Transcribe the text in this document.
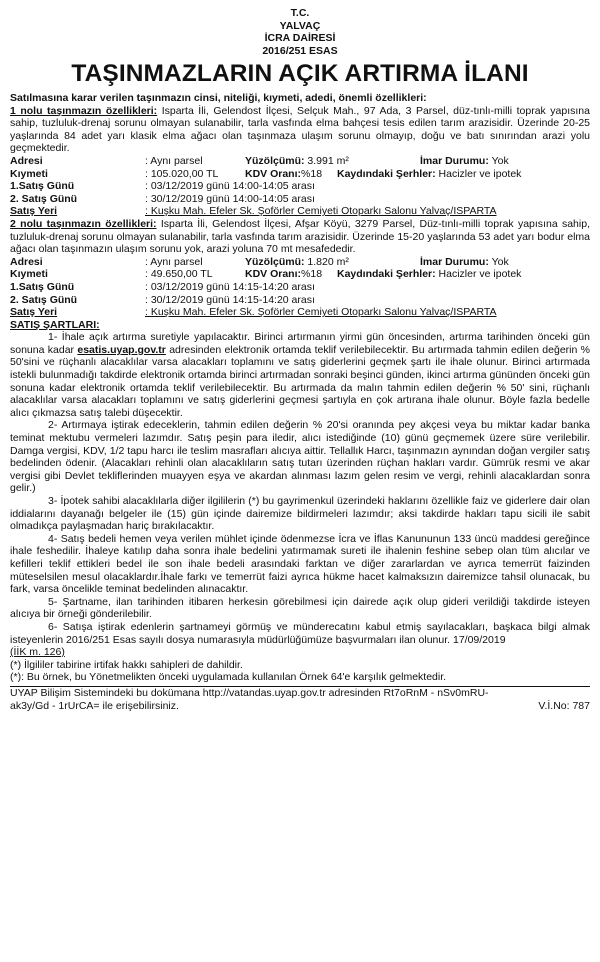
T.C.
YALVAÇ
İCRA DAİRESİ
2016/251 ESAS
TAŞINMAZLARIN AÇIK ARTIRMA İLANI
Satılmasına karar verilen taşınmazın cinsi, niteliği, kıymeti, adedi, önemli özellikleri:
1 nolu taşınmazın özellikleri: Isparta İli, Gelendost İlçesi, Selçuk Mah., 97 Ada, 3 Parsel, düz-tınlı-milli toprak yapısına sahip, tuzluluk-drenaj sorunu olmayan sulanabilir, tarla vasfında elma bahçesi tesis edilen tarım arazisidir. Üzerinde 20-25 yaşlarında 84 adet yarı klasik elma ağacı olan taşınmaza ulaşım sorunu olmayıp, doğu ve batı sınırından arazi yolu geçmektedir.
Adresi	: Aynı parsel	Yüzölçümü: 3.991 m²	İmar Durumu: Yok
Kıymeti	: 105.020,00 TL	KDV Oranı:%18	Kaydındaki Şerhler: Hacizler ve ipotek
1.Satış Günü	: 03/12/2019 günü 14:00-14:05 arası
2. Satış Günü	: 30/12/2019 günü 14:00-14:05 arası
Satış Yeri	: Kuşku Mah. Efeler Sk. Şoförler Cemiyeti Otoparkı Salonu Yalvaç/ISPARTA
2 nolu taşınmazın özellikleri: Isparta İli, Gelendost İlçesi, Afşar Köyü, 3279 Parsel, Düz-tınlı-milli toprak yapısına sahip, tuzluluk-drenaj sorunu olmayan sulanabilir, tarla vasfında tarım arazisidir. Üzerinde 15-20 yaşlarında 53 adet yarı bodur elma ağacı olan taşınmazın ulaşım sorunu yok, arazi yoluna 70 mt mesafededir.
Adresi	: Aynı parsel	Yüzölçümü: 1.820 m²	İmar Durumu: Yok
Kıymeti	: 49.650,00 TL	KDV Oranı:%18	Kaydındaki Şerhler: Hacizler ve ipotek
1.Satış Günü	: 03/12/2019 günü 14:15-14:20 arası
2. Satış Günü	: 30/12/2019 günü 14:15-14:20 arası
Satış Yeri	: Kuşku Mah. Efeler Sk. Şoförler Cemiyeti Otoparkı Salonu Yalvaç/ISPARTA
SATIŞ ŞARTLARI:
1- İhale açık artırma suretiyle yapılacaktır. Birinci artırmanın yirmi gün öncesinden, artırma tarihinden önceki gün sonuna kadar esatis.uyap.gov.tr adresinden elektronik ortamda teklif verilebilecektir. Bu artırmada tahmin edilen değerin % 50'sini ve rüçhanlı alacaklılar varsa alacakları toplamını ve satış giderlerini geçmek şartı ile ihale olunur. Birinci artırmada istekli bulunmadığı takdirde elektronik ortamda birinci artırmadan sonraki beşinci günden, ikinci artırma gününden önceki gün sonuna kadar elektronik ortamda teklif verilebilecektir. Bu artırmada da malın tahmin edilen değerin % 50' sini, rüçhanlı alacaklılar varsa alacakları toplamını ve satış giderlerini geçmesi şartıyla en çok artırana ihale olunur. Böyle fazla bedelle alıcı çıkmazsa satış talebi düşecektir.
2- Artırmaya iştirak edeceklerin, tahmin edilen değerin % 20'si oranında pey akçesi veya bu miktar kadar banka teminat mektubu vermeleri lazımdır. Satış peşin para iledir, alıcı istediğinde (10) günü geçmemek üzere süre verilebilir. Damga vergisi, KDV, 1/2 tapu harcı ile teslim masrafları alıcıya aittir. Tellallık Harcı, taşınmazın aynından doğan vergiler satış bedelinden ödenir. (Alacakları rehinli olan alacaklıların satış tutarı üzerinden rüçhan hakları vardır. Gümrük resmi ve akar vergisi gibi Devlet tekliflerinden muayyen eşya ve akardan alınması lazım gelen resim ve vergi, rehinli alacaklardan sonra gelir.)
3- İpotek sahibi alacaklılarla diğer ilgililerin (*) bu gayrimenkul üzerindeki haklarını özellikle faiz ve giderlere dair olan iddialarını dayanağı belgeler ile (15) gün içinde dairemize bildirmeleri lazımdır; aksi takdirde hakları tapu sicili ile sabit olmadıkça paylaşmadan hariç bırakılacaktır.
4- Satış bedeli hemen veya verilen mühlet içinde ödenmezse İcra ve İflas Kanununun 133 üncü maddesi gereğince ihale feshedilir. İhaleye katılıp daha sonra ihale bedelini yatırmamak sureti ile ihalenin feshine sebep olan tüm alıcılar ve kefilleri teklif ettikleri bedel ile son ihale bedeli arasındaki farktan ve diğer zararlardan ve ayrıca temerrüt faizinden müteselsilen mesul olacaklardır.İhale farkı ve temerrüt faizi ayrıca hükme hacet kalmaksızın dairemizce tahsil olunacak, bu fark, varsa öncelikle teminat bedelinden alınacaktır.
5- Şartname, ilan tarihinden itibaren herkesin görebilmesi için dairede açık olup gideri verildiği takdirde isteyen alıcıya bir örneği gönderilebilir.
6- Satışa iştirak edenlerin şartnameyi görmüş ve münderecatını kabul etmiş sayılacakları, başkaca bilgi almak isteyenlerin 2016/251 Esas sayılı dosya numarasıyla müdürlüğümüze başvurmaları ilan olunur. 17/09/2019
(İİK m. 126)
(*) İlgililer tabirine irtifak hakkı sahipleri de dahildir.
(*): Bu örnek, bu Yönetmelikten önceki uygulamada kullanılan Örnek 64'e karşılık gelmektedir.
UYAP Bilişim Sistemindeki bu dokümana http://vatandas.uyap.gov.tr adresinden Rt7oRnM - nSv0mRU-
ak3y/Gd - 1rUrCA= ile erişebilirsiniz.	V.İ.No: 787
